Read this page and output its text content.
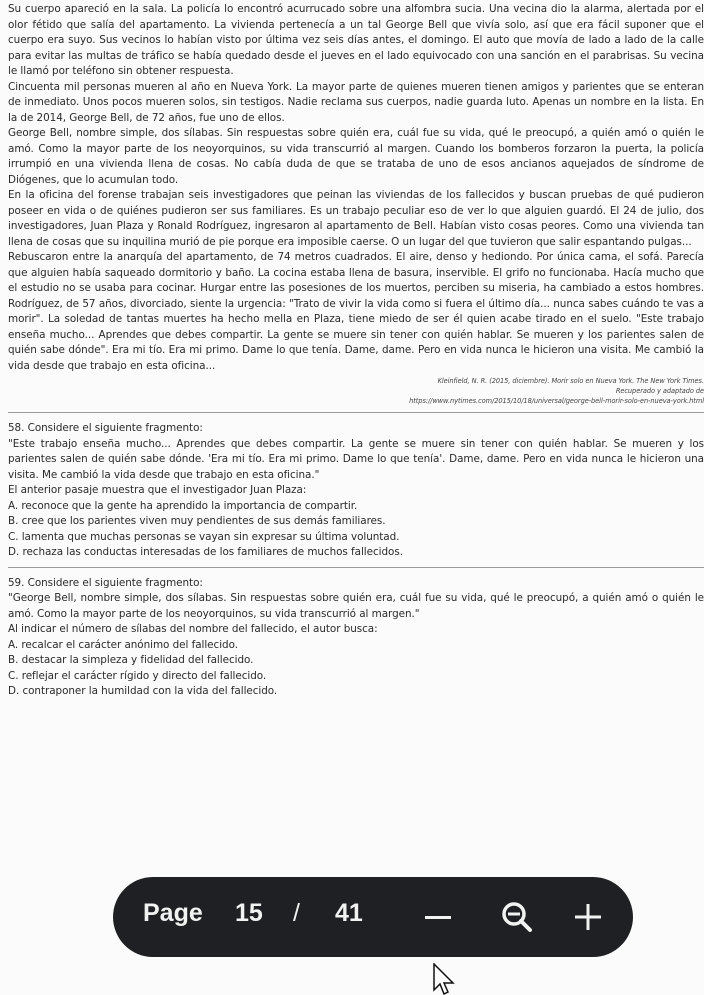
Su cuerpo apareció en la sala. La policía lo encontró acurrucado sobre una alfombra sucia. Una vecina dio la alarma, alertada por el olor fétido que salía del apartamento. La vivienda pertenecía a un tal George Bell que vivía solo, así que era fácil suponer que el cuerpo era suyo. Sus vecinos lo habían visto por última vez seis días antes, el domingo. El auto que movía de lado a lado de la calle para evitar las multas de tráfico se había quedado desde el jueves en el lado equivocado con una sanción en el parabrisas. Su vecina le llamó por teléfono sin obtener respuesta.

Cincuenta mil personas mueren al año en Nueva York. La mayor parte de quienes mueren tienen amigos y parientes que se enteran de inmediato. Unos pocos mueren solos, sin testigos. Nadie reclama sus cuerpos, nadie guarda luto. Apenas un nombre en la lista. En la de 2014, George Bell, de 72 años, fue uno de ellos.

George Bell, nombre simple, dos sílabas. Sin respuestas sobre quién era, cuál fue su vida, qué le preocupó, a quién amó o quién le amó. Como la mayor parte de los neoyorquinos, su vida transcurrió al margen. Cuando los bomberos forzaron la puerta, la policía irrumpió en una vivienda llena de cosas. No cabía duda de que se trataba de uno de esos ancianos aquejados de síndrome de Diógenes, que lo acumulan todo.

En la oficina del forense trabajan seis investigadores que peinan las viviendas de los fallecidos y buscan pruebas de qué pudieron poseer en vida o de quiénes pudieron ser sus familiares. Es un trabajo peculiar eso de ver lo que alguien guardó. El 24 de julio, dos investigadores, Juan Plaza y Ronald Rodríguez, ingresaron al apartamento de Bell. Habían visto cosas peores. Como una vivienda tan llena de cosas que su inquilina murió de pie porque era imposible caerse. O un lugar del que tuvieron que salir espantando pulgas...

Rebuscaron entre la anarquía del apartamento, de 74 metros cuadrados. El aire, denso y hediondo. Por única cama, el sofá. Parecía que alguien había saqueado dormitorio y baño. La cocina estaba llena de basura, inservible. El grifo no funcionaba. Hacía mucho que el estudio no se usaba para cocinar. Hurgar entre las posesiones de los muertos, perciben su miseria, ha cambiado a estos hombres. Rodríguez, de 57 años, divorciado, siente la urgencia: "Trato de vivir la vida como si fuera el último día... nunca sabes cuándo te vas a morir". La soledad de tantas muertes ha hecho mella en Plaza, tiene miedo de ser él quien acabe tirado en el suelo. "Este trabajo enseña mucho... Aprendes que debes compartir. La gente se muere sin tener con quién hablar. Se mueren y los parientes salen de quién sabe dónde". Era mi tío. Era mi primo. Dame lo que tenía. Dame, dame. Pero en vida nunca le hicieron una visita. Me cambió la vida desde que trabajo en esta oficina...

Kleinfield, N. R. (2015, diciembre). Morir solo en Nueva York. The New York Times.
Recuperado y adaptado de
https://www.nytimes.com/2015/10/18/universal/george-bell-morir-solo-en-nueva-york.html

58. Considere el siguiente fragmento:

"Este trabajo enseña mucho... Aprendes que debes compartir. La gente se muere sin tener con quién hablar. Se mueren y los parientes salen de quién sabe dónde. 'Era mi tío. Era mi primo. Dame lo que tenía'. Dame, dame. Pero en vida nunca le hicieron una visita. Me cambió la vida desde que trabajo en esta oficina."

El anterior pasaje muestra que el investigador Juan Plaza:

A. reconoce que la gente ha aprendido la importancia de compartir.

B. cree que los parientes viven muy pendientes de sus demás familiares.

C. lamenta que muchas personas se vayan sin expresar su última voluntad.

D. rechaza las conductas interesadas de los familiares de muchos fallecidos.

59. Considere el siguiente fragmento:

"George Bell, nombre simple, dos sílabas. Sin respuestas sobre quién era, cuál fue su vida, qué le preocupó, a quién amó o quién le amó. Como la mayor parte de los neoyorquinos, su vida transcurrió al margen."

Al indicar el número de sílabas del nombre del fallecido, el autor busca:

A. recalcar el carácter anónimo del fallecido.

B. destacar la simpleza y fidelidad del fallecido.

C. reflejar el carácter rígido y directo del fallecido.

D. contraponer la humildad con la vida del fallecido.

Page 15 / 41
